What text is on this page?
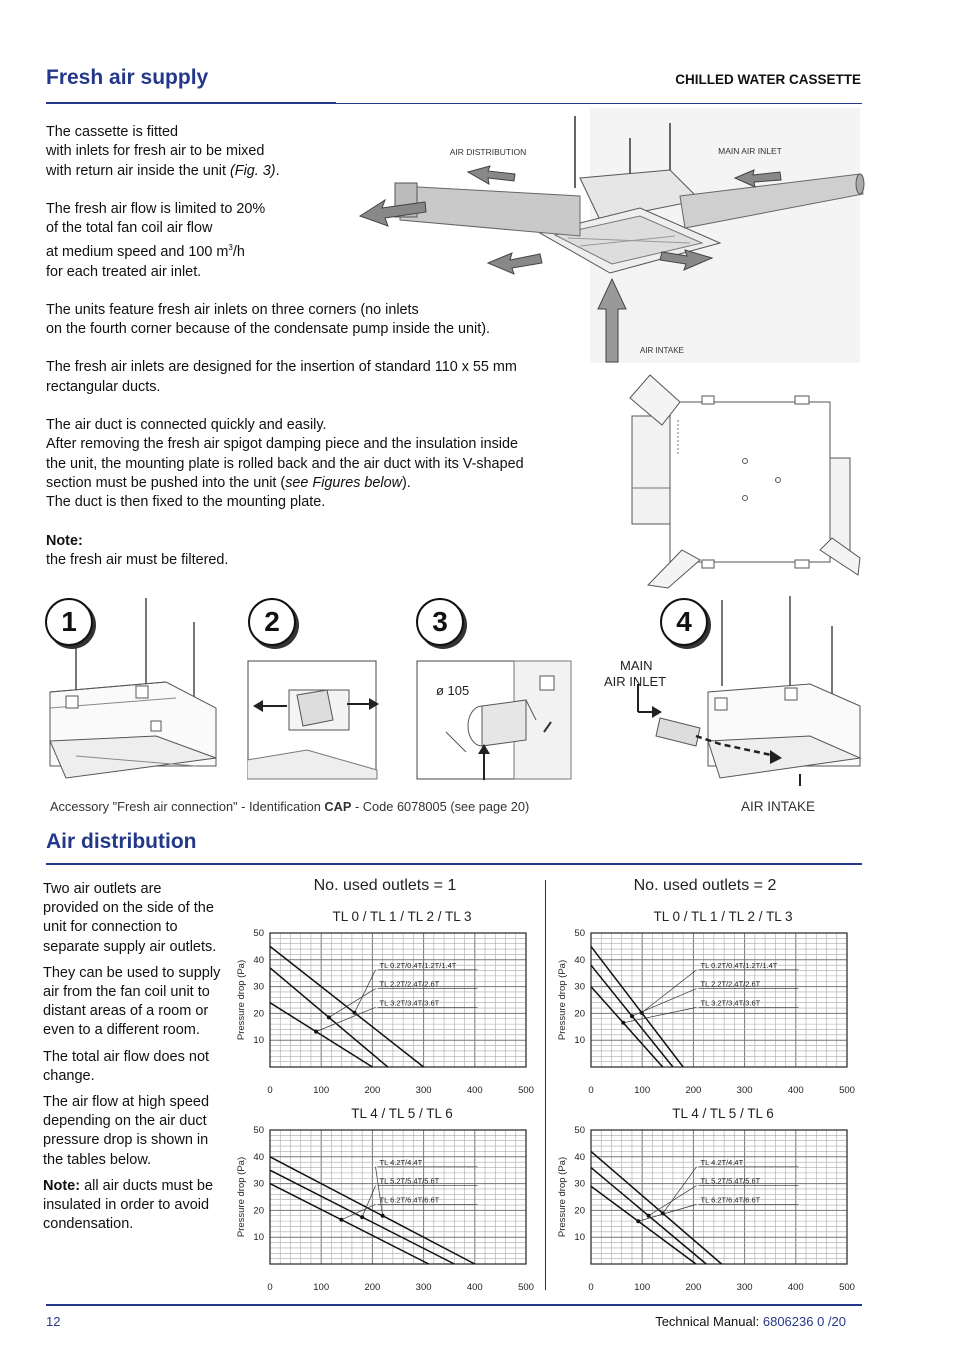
Fresh air supply	CHILLED WATER CASSETTE

The cassette is fitted
with inlets for fresh air to be mixed
with return air inside the unit (Fig. 3).

The fresh air flow is limited to 20%
of the total fan coil air flow
at medium speed and 100 $m^3/h$
for each treated air inlet.

The units feature fresh air inlets on three corners (no inlets
on the fourth corner because of the condensate pump inside the unit).

The fresh air inlets are designed for the insertion of standard 110 x 55 mm
rectangular ducts.

The air duct is connected quickly and easily.
After removing the fresh air spigot damping piece and the insulation inside
the unit, the mounting plate is rolled back and the air duct with its V-shaped
section must be pushed into the unit (see Figures below).
The duct is then fixed to the mounting plate.

Note:
the fresh air must be filtered.

AIR DISTRIBUTION	MAIN AIR INLET
AIR INTAKE
1	2
ø 105
3
MAIN
AIR INLET
4
Accessory "Fresh air connection" - Identification CAP - Code 6078005 (see page 20)	AIR INTAKE
Air distribution

Two air outlets are provided on the side of the unit for connection to separate supply air outlets.

They can be used to supply air from the fan coil unit to distant areas of a room or even to a different room.

The total air flow does not change.

The air flow at high speed depending on the air duct pressure drop is shown in the tables below.

Note: all air ducts must be insulated in order to avoid condensation.

No. used outlets = 1	No. used outlets = 2
TL 0 / TL 1 / TL 2 / TL 3
0	100	200	300	400	500
10
20
30
40
50
Pressure drop (Pa)	TL 0.2T/0.4T/1.2T/1.4T
TL 2.2T/2.4T/2.6T
TL 3.2T/3.4T/3.6T
TL 0 / TL 1 / TL 2 / TL 3
0	100	200	300	400	500
10
20
30
40
50
Pressure drop (Pa)	TL 0.2T/0.4T/1.2T/1.4T
TL 2.2T/2.4T/2.6T
TL 3.2T/3.4T/3.6T
TL 4 / TL 5 / TL 6
0	100	200	300	400	500
10
20
30
40
50
Pressure drop (Pa)	TL 4.2T/4.4T
TL 5.2T/5.4T/5.6T
TL 6.2T/6.4T/6.6T
TL 4 / TL 5 / TL 6
0	100	200	300	400	500
10
20
30
40
50
Pressure drop (Pa)	TL 4.2T/4.4T
TL 5.2T/5.4T/5.6T
TL 6.2T/6.4T/6.6T
12	Technical Manual: 6806236 0 /20
